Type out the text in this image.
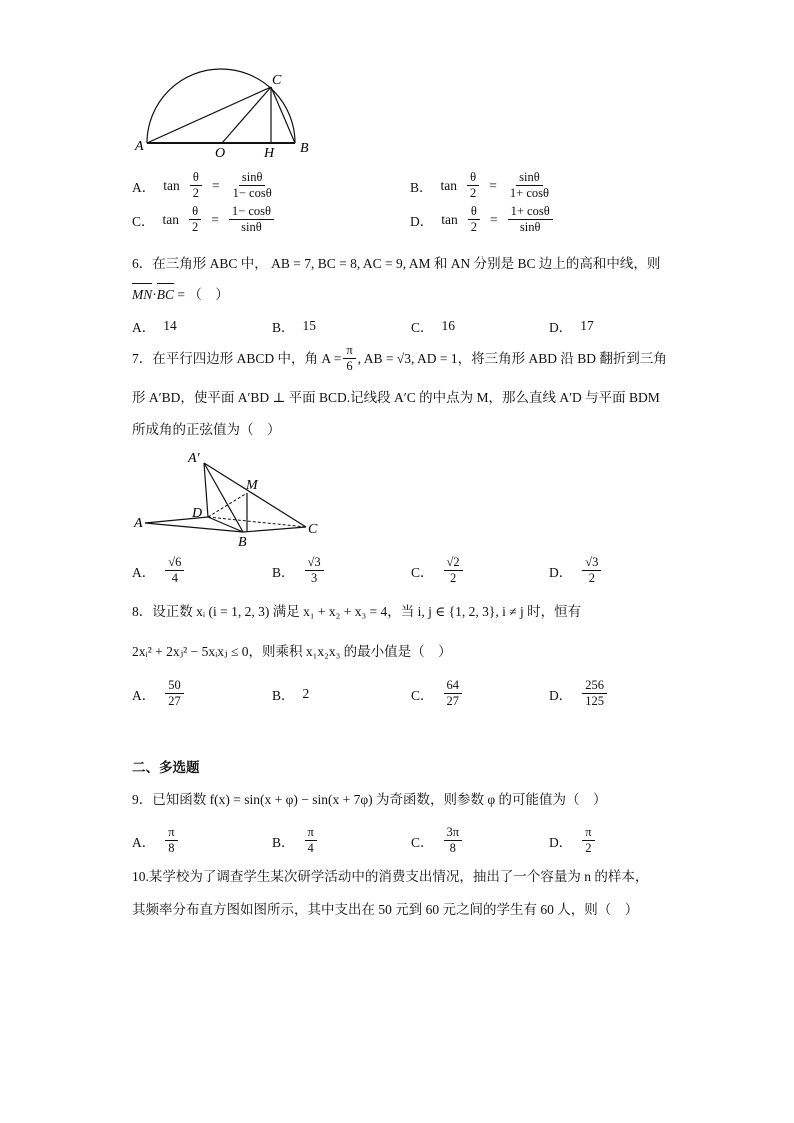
A	O	H B
C
A． $\tan \frac{\theta}{2} = \frac{\sin\theta}{1- \cos\theta}$	B． $\tan \frac{\theta}{2} = \frac{\sin\theta}{1+ \cos\theta}$
C． $\tan \frac{\theta}{2} = \frac{1- \cos\theta}{\sin\theta}$	D． $\tan \frac{\theta}{2} = \frac{1+ \cos\theta}{\sin\theta}$
6．在三角形 ABC 中， AB = 7, BC = 8, AC = 9, AM 和 AN 分别是 BC 边上的高和中线，则
MN·BC = （　）
A． 14	B． 15	C． 16	D． 17
7．在平行四边形 ABCD 中，角 $A = \frac{\pi}{6}$ , AB = √3, AD = 1，将三角形 ABD 沿 BD 翻折到三角
形 A′BD，使平面 A′BD ⊥ 平面 BCD.记线段 A′C 的中点为 M，那么直线 A′D 与平面 BDM
所成角的正弦值为（　）
A′
M
D
A
B
C
A． $\frac{√6}{4}$	B． $\frac{√3}{3}$	C． $\frac{√2}{2}$	D． $\frac{√3}{2}$
8．设正数 xᵢ (i = 1, 2, 3) 满足 x₁ + x₂ + x₃ = 4，当 i, j ∈ {1, 2, 3}, i ≠ j 时，恒有
2xᵢ² + 2xⱼ² − 5xᵢxⱼ ≤ 0，则乘积 x₁x₂x₃ 的最小值是（　）
A． $\frac{50}{27}$	B． 2	C． $\frac{64}{27}$	D． $\frac{256}{125}$
二、多选题
9．已知函数 f(x) = sin(x + φ) − sin(x + 7φ) 为奇函数，则参数 φ 的可能值为（　）
A． $\frac{\pi}{8}$	B． $\frac{\pi}{4}$	C． $\frac{3\pi}{8}$	D． $\frac{\pi}{2}$
10.某学校为了调查学生某次研学活动中的消费支出情况，抽出了一个容量为 n 的样本，
其频率分布直方图如图所示，其中支出在 50 元到 60 元之间的学生有 60 人，则（　）
